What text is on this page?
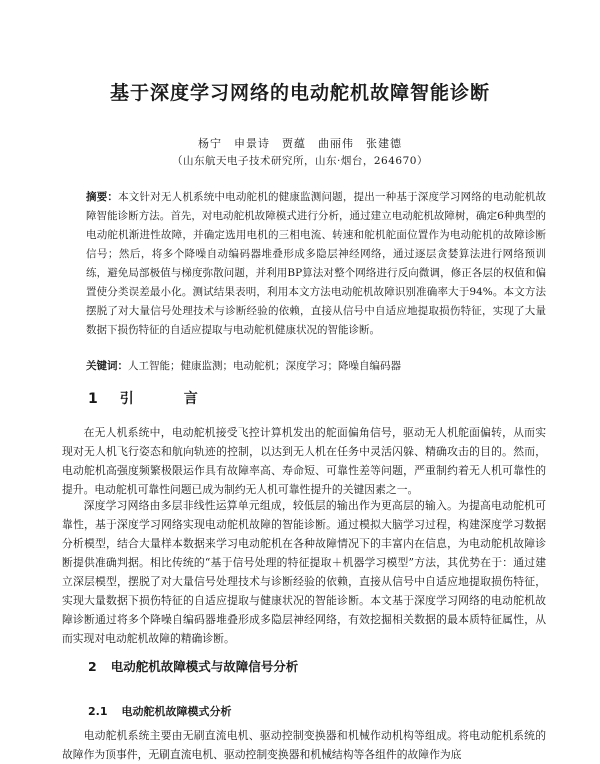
基于深度学习网络的电动舵机故障智能诊断
杨宁　申景诗　贾蕴　曲丽伟　张建德
（山东航天电子技术研究所，山东·烟台，264670）
摘要：本文针对无人机系统中电动舵机的健康监测问题，提出一种基于深度学习网络的电动舵机故障智能诊断方法。首先，对电动舵机故障模式进行分析，通过建立电动舵机故障树，确定6种典型的电动舵机渐进性故障，并确定选用电机的三相电流、转速和舵机舵面位置作为电动舵机的故障诊断信号；然后，将多个降噪自动编码器堆叠形成多隐层神经网络，通过逐层贪婪算法进行网络预训练，避免局部极值与梯度弥散问题，并利用BP算法对整个网络进行反向微调，修正各层的权值和偏置使分类误差最小化。测试结果表明，利用本文方法电动舵机故障识别准确率大于94%。本文方法摆脱了对大量信号处理技术与诊断经验的依赖，直接从信号中自适应地提取损伤特征，实现了大量数据下损伤特征的自适应提取与电动舵机健康状况的智能诊断。
关键词：人工智能；健康监测；电动舵机；深度学习；降噪自编码器
1 引　言
在无人机系统中，电动舵机接受飞控计算机发出的舵面偏角信号，驱动无人机舵面偏转，从而实现对无人机飞行姿态和航向轨迹的控制，以达到无人机在任务中灵活闪躲、精确攻击的目的。然而，电动舵机高强度频繁极限运作具有故障率高、寿命短、可靠性差等问题，严重制约着无人机可靠性的提升。电动舵机可靠性问题已成为制约无人机可靠性提升的关键因素之一。
深度学习网络由多层非线性运算单元组成，较低层的输出作为更高层的输入。为提高电动舵机可靠性，基于深度学习网络实现电动舵机故障的智能诊断。通过模拟大脑学习过程，构建深度学习数据分析模型，结合大量样本数据来学习电动舵机在各种故障情况下的丰富内在信息，为电动舵机故障诊断提供准确判据。相比传统的“基于信号处理的特征提取＋机器学习模型”方法，其优势在于：通过建立深层模型，摆脱了对大量信号处理技术与诊断经验的依赖，直接从信号中自适应地提取损伤特征，实现大量数据下损伤特征的自适应提取与健康状况的智能诊断。本文基于深度学习网络的电动舵机故障诊断通过将多个降噪自编码器堆叠形成多隐层神经网络，有效挖掘相关数据的最本质特征属性，从而实现对电动舵机故障的精确诊断。
2 电动舵机故障模式与故障信号分析
2.1 电动舵机故障模式分析
电动舵机系统主要由无刷直流电机、驱动控制变换器和机械作动机构等组成。将电动舵机系统的故障作为顶事件，无刷直流电机、驱动控制变换器和机械结构等各组件的故障作为底
